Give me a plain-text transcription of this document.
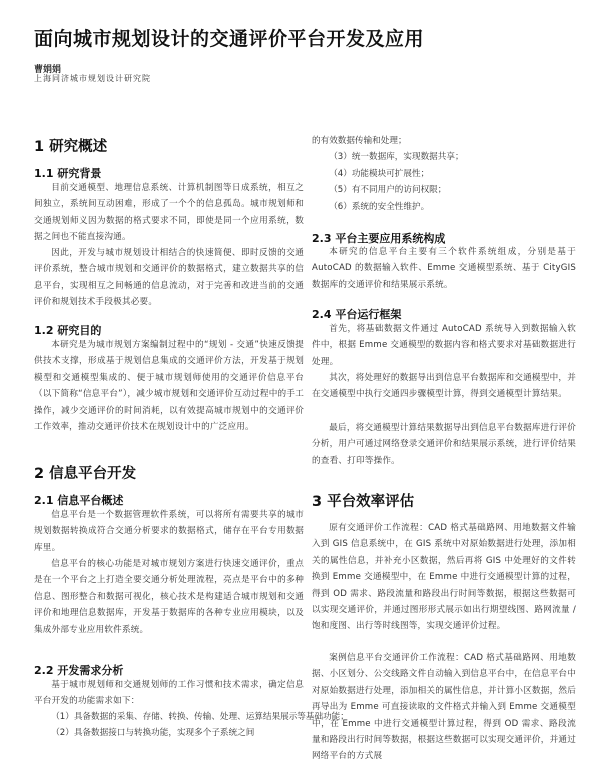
面向城市规划设计的交通评价平台开发及应用
曹娟娟
上海同济城市规划设计研究院
1 研究概述
1.1 研究背景

目前交通模型、地理信息系统、计算机制图等日成系统，相互之间独立，系统间互动困难，形成了一个个的信息孤岛。城市规划师和交通规划师义因为数据的格式要求不同，即使是同一个应用系统，数据之间也不能直接沟通。

因此，开发与城市规划设计相结合的快速简便、即时反馈的交通评价系统，整合城市规划和交通评价的数据格式，建立数据共享的信息平台，实现相互之间畅通的信息流动，对于完善和改进当前的交通评价和规划技术手段极其必要。

1.2 研究目的

本研究是为城市规划方案编制过程中的“规划 - 交通”快速反馈提供技术支撑，形成基于规划信息集成的交通评价方法，开发基于规划模型和交通模型集成的、便于城市规划师使用的交通评价信息平台（以下简称“信息平台”），减少城市规划和交通评价互动过程中的手工操作，减少交通评价的时间消耗，以有效提高城市规划中的交通评价工作效率，推动交通评价技术在规划设计中的广泛应用。

2 信息平台开发
2.1 信息平台概述

信息平台是一个数据管理软件系统，可以将所有需要共享的城市规划数据转换成符合交通分析要求的数据格式，储存在平台专用数据库里。

信息平台的核心功能是对城市规划方案进行快速交通评价，重点是在一个平台之上打造全要交通分析处理流程，亮点是平台中的多种信息、图形整合和数据可视化，核心技术是构建适合城市规划和交通评价和地理信息数据库，开发基于数据库的各种专业应用模块，以及集成外部专业应用软件系统。

2.2 开发需求分析

基于城市规划师和交通规划师的工作习惯和技术需求，确定信息平台开发的功能需求如下：

（1）具备数据的采集、存储、转换、传输、处理、运算结果展示等基础功能；
（2）具备数据接口与转换功能，实现多个子系统之间
的有效数据传输和处理；
（3）统一数据库，实现数据共享；
（4）功能模块可扩展性；
（5）有不同用户的访问权限；
（6）系统的安全性维护。
2.3 平台主要应用系统构成

本研究的信息平台主要有三个软件系统组成，分别是基于 AutoCAD 的数据输入软件、Emme 交通模型系统、基于 CityGIS 数据库的交通评价和结果展示系统。

2.4 平台运行框架

首先，将基础数据文件通过 AutoCAD 系统导入到数据输入软件中，根据 Emme 交通模型的数据内容和格式要求对基础数据进行处理。

其次，将处理好的数据导出到信息平台数据库和交通模型中，并在交通模型中执行交通四步骤模型计算，得到交通模型计算结果。

最后，将交通模型计算结果数据导出到信息平台数据库进行评价分析，用户可通过网络登录交通评价和结果展示系统，进行评价结果的查看、打印等操作。

3 平台效率评估

原有交通评价工作流程：CAD 格式基础路网、用地数据文件输入到 GIS 信息系统中，在 GIS 系统中对原始数据进行处理，添加相关的属性信息，并补充小区数据，然后再将 GIS 中处理好的文件转换到 Emme 交通模型中，在 Emme 中进行交通模型计算的过程，得到 OD 需求、路段流量和路段出行时间等数据，根据这些数据可以实现交通评价，并通过图形形式展示如出行期望线图、路网流量 / 饱和度图、出行等时线图等，实现交通评价过程。

案例信息平台交通评价工作流程：CAD 格式基础路网、用地数据、小区划分、公交线路文件自动输入到信息平台中，在信息平台中对原始数据进行处理，添加相关的属性信息，并计算小区数据，然后再导出为 Emme 可直接读取的文件格式并输入到 Emme 交通模型中，在 Emme 中进行交通模型计算过程，得到 OD 需求、路段流量和路段出行时间等数据，根据这些数据可以实现交通评价，并通过网络平台的方式展
